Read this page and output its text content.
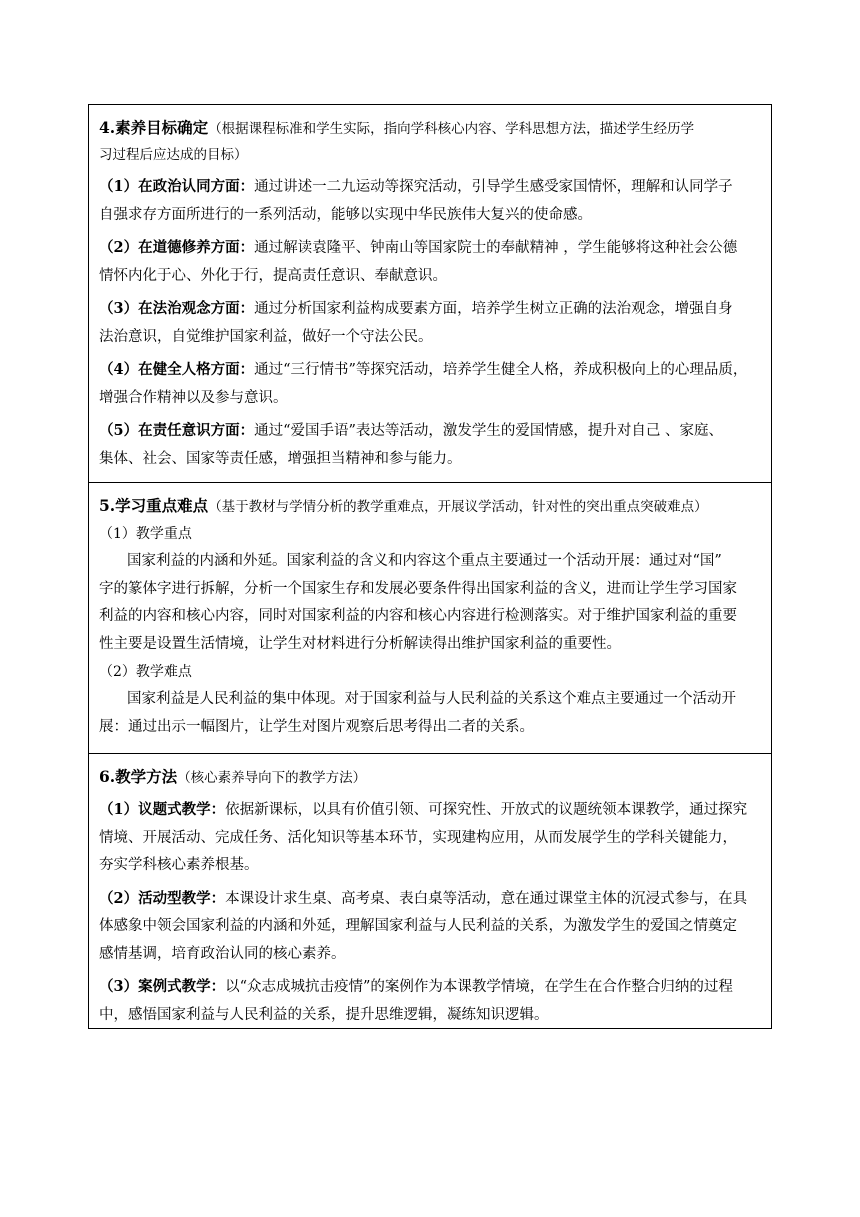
4.素养目标确定（根据课程标准和学生实际，指向学科核心内容、学科思想方法，描述学生经历学

习过程后应达成的目标）

（1）在政治认同方面：通过讲述一二九运动等探究活动，引导学生感受家国情怀，理解和认同学子

自强求存方面所进行的一系列活动，能够以实现中华民族伟大复兴的使命感。

（2）在道德修养方面：通过解读袁隆平、钟南山等国家院士的奉献精神 ，学生能够将这种社会公德

情怀内化于心、外化于行，提高责任意识、奉献意识。

（3）在法治观念方面：通过分析国家利益构成要素方面，培养学生树立正确的法治观念，增强自身

法治意识，自觉维护国家利益，做好一个守法公民。

（4）在健全人格方面：通过“三行情书”等探究活动，培养学生健全人格，养成积极向上的心理品质，

增强合作精神以及参与意识。

（5）在责任意识方面：通过“爱国手语”表达等活动，激发学生的爱国情感，提升对自己 、家庭、

集体、社会、国家等责任感，增强担当精神和参与能力。

5.学习重点难点（基于教材与学情分析的教学重难点，开展议学活动，针对性的突出重点突破难点）

（1）教学重点

国家利益的内涵和外延。国家利益的含义和内容这个重点主要通过一个活动开展：通过对“国”

字的篆体字进行拆解，分析一个国家生存和发展必要条件得出国家利益的含义，进而让学生学习国家

利益的内容和核心内容，同时对国家利益的内容和核心内容进行检测落实。对于维护国家利益的重要

性主要是设置生活情境，让学生对材料进行分析解读得出维护国家利益的重要性。

（2）教学难点

国家利益是人民利益的集中体现。对于国家利益与人民利益的关系这个难点主要通过一个活动开

展：通过出示一幅图片，让学生对图片观察后思考得出二者的关系。

6.教学方法（核心素养导向下的教学方法）

（1）议题式教学：依据新课标，以具有价值引领、可探究性、开放式的议题统领本课教学，通过探究

情境、开展活动、完成任务、活化知识等基本环节，实现建构应用，从而发展学生的学科关键能力，

夯实学科核心素养根基。

（2）活动型教学：本课设计求生桌、高考桌、表白桌等活动，意在通过课堂主体的沉浸式参与，在具

体感象中领会国家利益的内涵和外延，理解国家利益与人民利益的关系，为激发学生的爱国之情奠定

感情基调，培育政治认同的核心素养。

（3）案例式教学：以“众志成城抗击疫情”的案例作为本课教学情境，在学生在合作整合归纳的过程

中，感悟国家利益与人民利益的关系，提升思维逻辑，凝练知识逻辑。
